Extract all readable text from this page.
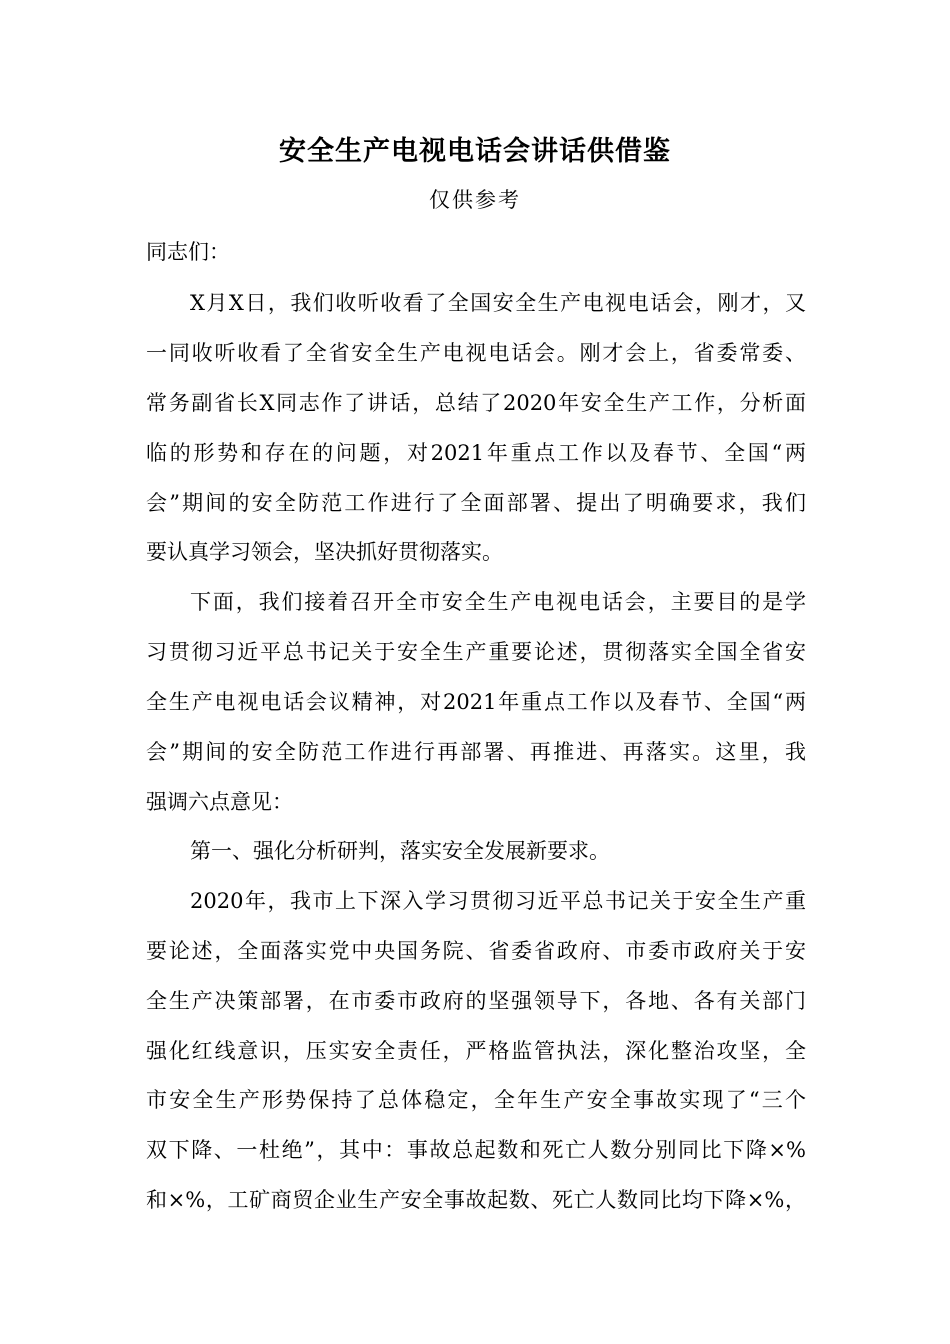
安全生产电视电话会讲话供借鉴
仅供参考
同志们：
X月X日，我们收听收看了全国安全生产电视电话会，刚才，又
一同收听收看了全省安全生产电视电话会。刚才会上，省委常委、
常务副省长X同志作了讲话，总结了2020年安全生产工作，分析面
临的形势和存在的问题，对2021年重点工作以及春节、全国“两
会”期间的安全防范工作进行了全面部署、提出了明确要求，我们
要认真学习领会，坚决抓好贯彻落实。
下面，我们接着召开全市安全生产电视电话会，主要目的是学
习贯彻习近平总书记关于安全生产重要论述，贯彻落实全国全省安
全生产电视电话会议精神，对2021年重点工作以及春节、全国“两
会”期间的安全防范工作进行再部署、再推进、再落实。这里，我
强调六点意见：
第一、强化分析研判，落实安全发展新要求。
2020年，我市上下深入学习贯彻习近平总书记关于安全生产重
要论述，全面落实党中央国务院、省委省政府、市委市政府关于安
全生产决策部署，在市委市政府的坚强领导下，各地、各有关部门
强化红线意识，压实安全责任，严格监管执法，深化整治攻坚，全
市安全生产形势保持了总体稳定，全年生产安全事故实现了“三个
双下降、一杜绝”，其中：事故总起数和死亡人数分别同比下降×%
和×%，工矿商贸企业生产安全事故起数、死亡人数同比均下降×%，
